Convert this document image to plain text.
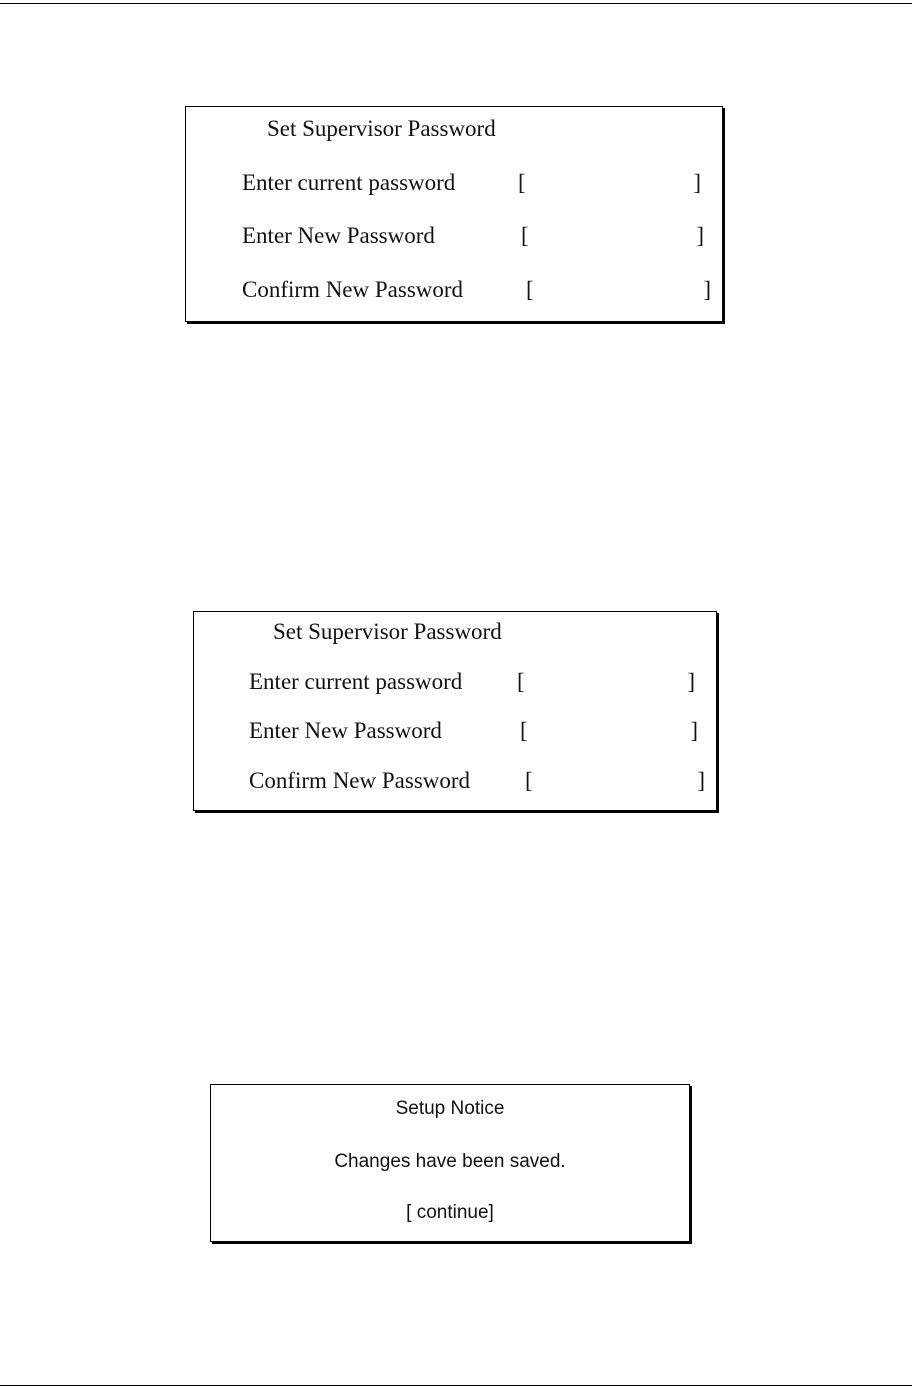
Set Supervisor Password
Enter current password	[	]
Enter New Password	[	]
Confirm New Password	[	]
Set Supervisor Password
Enter current password [	]
Enter New Password	[	]
Confirm New Password [	]
Setup Notice
Changes have been saved.
[ continue]
